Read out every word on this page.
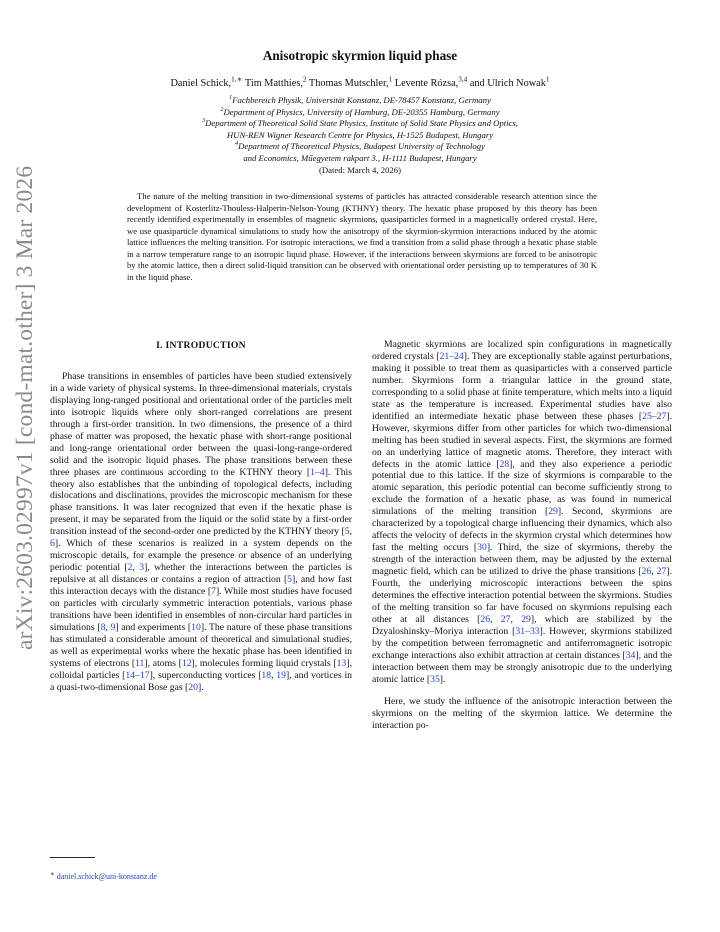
arXiv:2603.02997v1 [cond-mat.other] 3 Mar 2026
Anisotropic skyrmion liquid phase
Daniel Schick,$^{1,∗}$ Tim Matthies,$^2$ Thomas Mutschler,$^1$ Levente Rózsa,$^{3,4}$ and Ulrich Nowak$^1$
$^1$Fachbereich Physik, Universität Konstanz, DE-78457 Konstanz, Germany
$^2$Department of Physics, University of Hamburg, DE-20355 Hamburg, Germany
$^3$Department of Theoretical Solid State Physics, Institute of Solid State Physics and Optics,
HUN-REN Wigner Research Centre for Physics, H-1525 Budapest, Hungary
$^4$Department of Theoretical Physics, Budapest University of Technology
and Economics, Műegyetem rakpart 3., H-1111 Budapest, Hungary
(Dated: March 4, 2026)
The nature of the melting transition in two-dimensional systems of particles has attracted considerable research attention since the development of Kosterlitz-Thouless-Halperin-Nelson-Young (KTHNY) theory. The hexatic phase proposed by this theory has been recently identified experimentally in ensembles of magnetic skyrmions, quasiparticles formed in a magnetically ordered crystal. Here, we use quasiparticle dynamical simulations to study how the anisotropy of the skyrmion-skyrmion interactions induced by the atomic lattice influences the melting transition. For isotropic interactions, we find a transition from a solid phase through a hexatic phase stable in a narrow temperature range to an isotropic liquid phase. However, if the interactions between skyrmions are forced to be anisotropic by the atomic lattice, then a direct solid-liquid transition can be observed with orientational order persisting up to temperatures of 30 K in the liquid phase.
I. INTRODUCTION

Phase transitions in ensembles of particles have been studied extensively in a wide variety of physical systems. In three-dimensional materials, crystals displaying long-ranged positional and orientational order of the particles melt into isotropic liquids where only short-ranged correlations are present through a first-order transition. In two dimensions, the presence of a third phase of matter was proposed, the hexatic phase with short-range positional and long-range orientational order between the quasi-long-range-ordered solid and the isotropic liquid phases. The phase transitions between these three phases are continuous according to the KTHNY theory [1–4]. This theory also establishes that the unbinding of topological defects, including dislocations and disclinations, provides the microscopic mechanism for these phase transitions. It was later recognized that even if the hexatic phase is present, it may be separated from the liquid or the solid state by a first-order transition instead of the second-order one predicted by the KTHNY theory [5, 6]. Which of these scenarios is realized in a system depends on the microscopic details, for example the presence or absence of an underlying periodic potential [2, 3], whether the interactions between the particles is repulsive at all distances or contains a region of attraction [5], and how fast this interaction decays with the distance [7]. While most studies have focused on particles with circularly symmetric interaction potentials, various phase transitions have been identified in ensembles of non-circular hard particles in simulations [8, 9] and experiments [10]. The nature of these phase transitions has stimulated a considerable amount of theoretical and simulational studies, as well as experimental works where the hexatic phase has been identified in systems of electrons [11], atoms [12], molecules forming liquid crystals [13], colloidal particles [14–17], superconducting vortices [18, 19], and vortices in a quasi-two-dimensional Bose gas [20].

Magnetic skyrmions are localized spin configurations in magnetically ordered crystals [21–24]. They are exceptionally stable against perturbations, making it possible to treat them as quasiparticles with a conserved particle number. Skyrmions form a triangular lattice in the ground state, corresponding to a solid phase at finite temperature, which melts into a liquid state as the temperature is increased. Experimental studies have also identified an intermediate hexatic phase between these phases [25–27]. However, skyrmions differ from other particles for which two-dimensional melting has been studied in several aspects. First, the skyrmions are formed on an underlying lattice of magnetic atoms. Therefore, they interact with defects in the atomic lattice [28], and they also experience a periodic potential due to this lattice. If the size of skyrmions is comparable to the atomic separation, this periodic potential can become sufficiently strong to exclude the formation of a hexatic phase, as was found in numerical simulations of the melting transition [29]. Second, skyrmions are characterized by a topological charge influencing their dynamics, which also affects the velocity of defects in the skyrmion crystal which determines how fast the melting occurs [30]. Third, the size of skyrmions, thereby the strength of the interaction between them, may be adjusted by the external magnetic field, which can be utilized to drive the phase transitions [26, 27]. Fourth, the underlying microscopic interactions between the spins determines the effective interaction potential between the skyrmions. Studies of the melting transition so far have focused on skyrmions repulsing each other at all distances [26, 27, 29], which are stabilized by the Dzyaloshinsky–Moriya interaction [31–33]. However, skyrmions stabilized by the competition between ferromagnetic and antiferromagnetic isotropic exchange interactions also exhibit attraction at certain distances [34], and the interaction between them may be strongly anisotropic due to the underlying atomic lattice [35].

Here, we study the influence of the anisotropic interaction between the skyrmions on the melting of the skyrmion lattice. We determine the interaction po-

∗ daniel.schick@uni-konstanz.de
